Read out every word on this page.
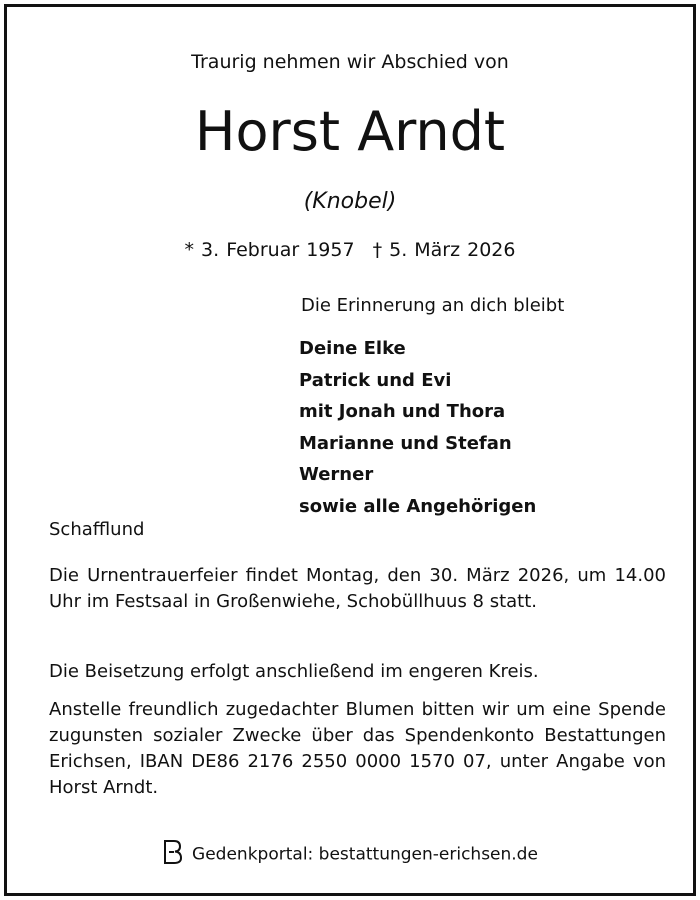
Traurig nehmen wir Abschied von
Horst Arndt
(Knobel)
* 3. Februar 1957 † 5. März 2026
Die Erinnerung an dich bleibt
Deine Elke
Patrick und Evi
mit Jonah und Thora
Marianne und Stefan
Werner
sowie alle Angehörigen
Schafflund
Die Urnentrauerfeier findet Montag, den 30. März 2026, um 14.00 Uhr im Festsaal in Großenwiehe, Schobüllhuus 8 statt.
Die Beisetzung erfolgt anschließend im engeren Kreis.
Anstelle freundlich zugedachter Blumen bitten wir um eine Spende zugunsten sozialer Zwecke über das Spendenkonto Bestattungen Erichsen, IBAN DE86 2176 2550 0000 1570 07, unter Angabe von Horst Arndt.
Gedenkportal: bestattungen-erichsen.de
